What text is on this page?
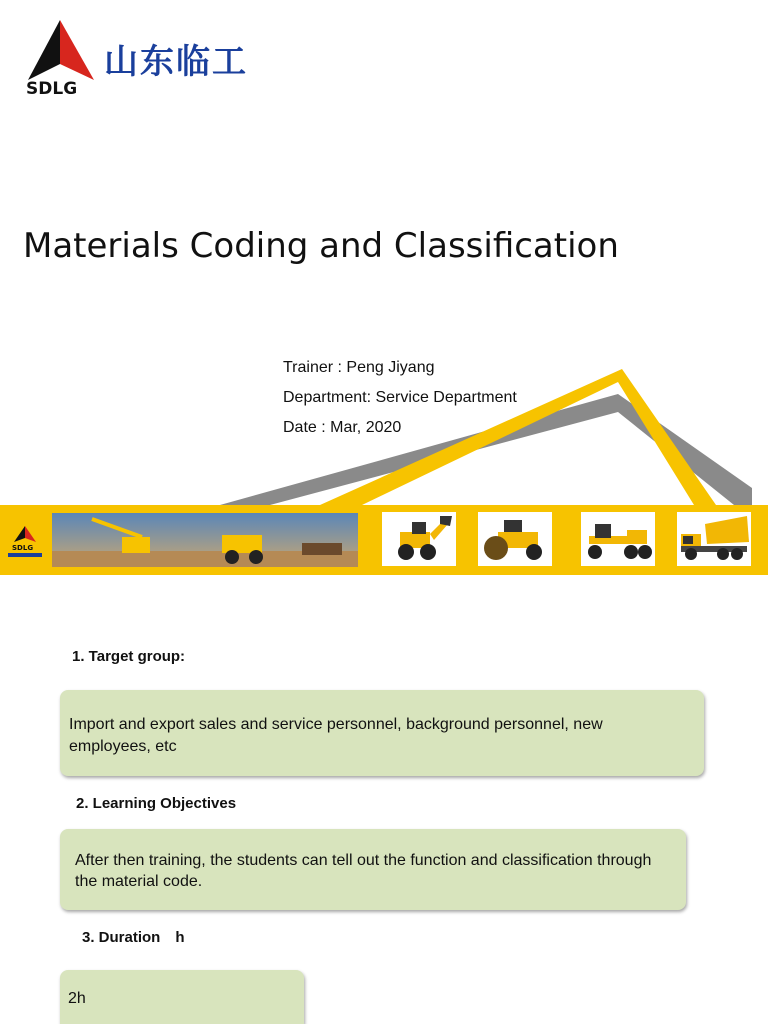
SDLG
山东临工
Materials Coding and Classification
Trainer : Peng Jiyang
Department: Service Department
Date : Mar, 2020
SDLG
1. Target group:
Import and export sales and service personnel, background personnel, new employees, etc
2. Learning Objectives  
After then training, the students can tell out the function and classification through the material code.
3. Duration h  
2h
